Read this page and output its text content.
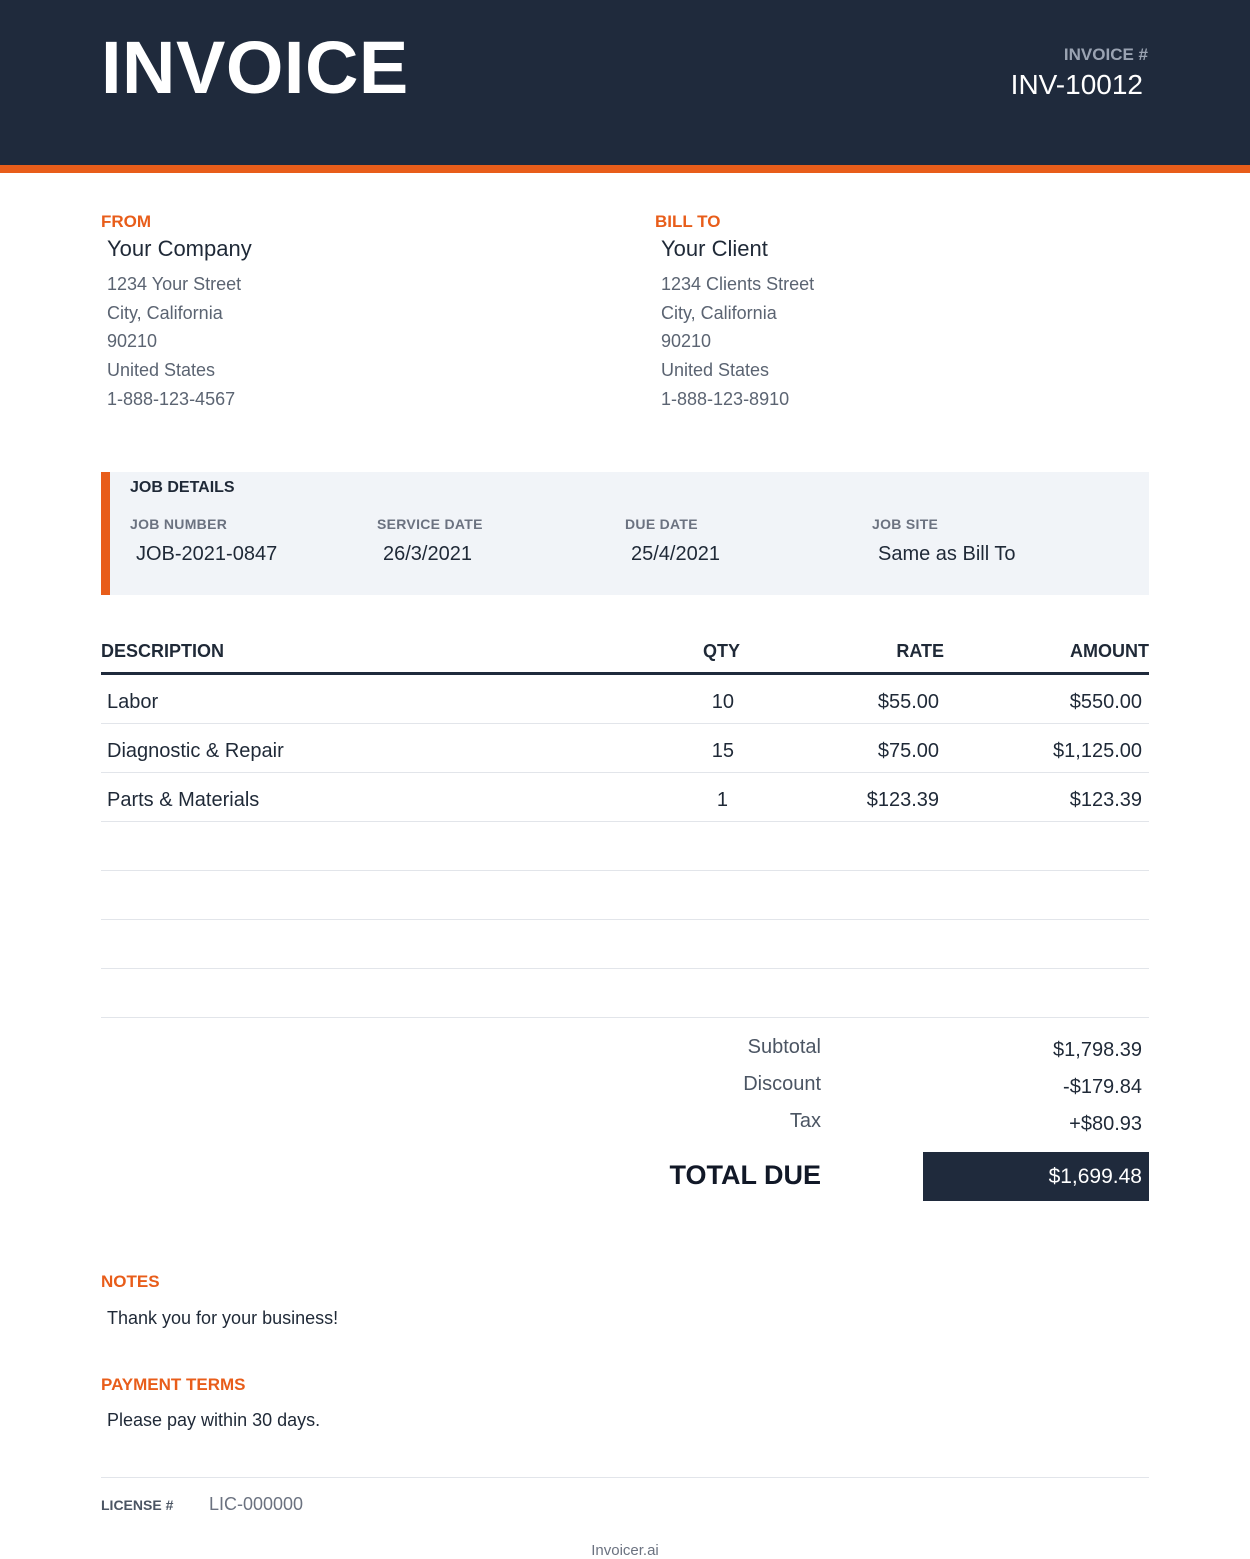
INVOICE	INVOICE #
INV-10012
FROM
Your Company
1234 Your Street
City, California
90210
United States
1-888-123-4567
BILL TO
Your Client
1234 Clients Street
City, California
90210
United States
1-888-123-8910
JOB DETAILS
JOB NUMBER
JOB-2021-0847
SERVICE DATE
26/3/2021
DUE DATE
25/4/2021
JOB SITE
Same as Bill To
DESCRIPTION	QTY	RATE	AMOUNT
Labor	10	$55.00	$550.00
Diagnostic & Repair	15	$75.00	$1,125.00
Parts & Materials	1	$123.39	$123.39
Subtotal	$1,798.39
Discount	-$179.84
Tax	+$80.93
TOTAL DUE	$1,699.48
NOTES
Thank you for your business!
PAYMENT TERMS
Please pay within 30 days.
LICENSE # LIC-000000
Invoicer.ai
